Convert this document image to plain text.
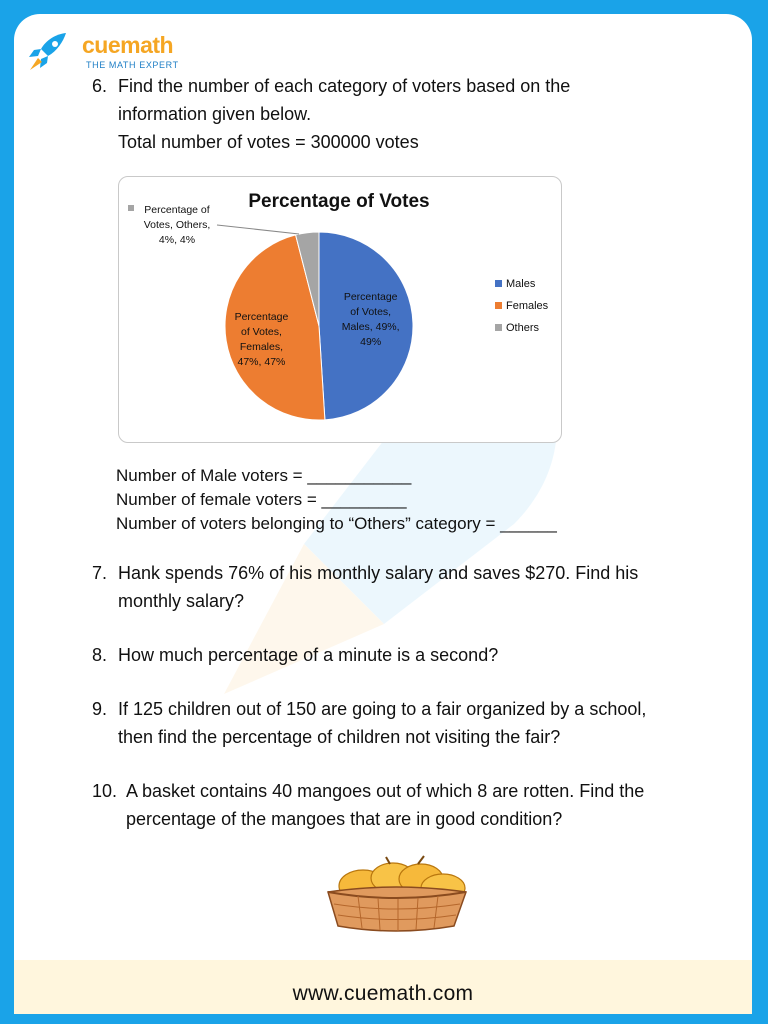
cuemath
THE MATH EXPERT
6. Find the number of each category of voters based on the
information given below.
Total number of votes = 300000 votes
Percentage of Votes
Percentage of Votes, Males, 49%, 49%
Percentage of Votes, Females, 47%, 47%
Percentage of Votes, Others, 4%, 4%
Males
Females
Others
Number of Male voters = ___________
Number of female voters = _________
Number of voters belonging to “Others” category = ______
7. Hank spends 76% of his monthly salary and saves $270. Find his
monthly salary?
8. How much percentage of a minute is a second?
9. If 125 children out of 150 are going to a fair organized by a school,
then find the percentage of children not visiting the fair?
10. A basket contains 40 mangoes out of which 8 are rotten. Find the
percentage of the mangoes that are in good condition?
www.cuemath.com
